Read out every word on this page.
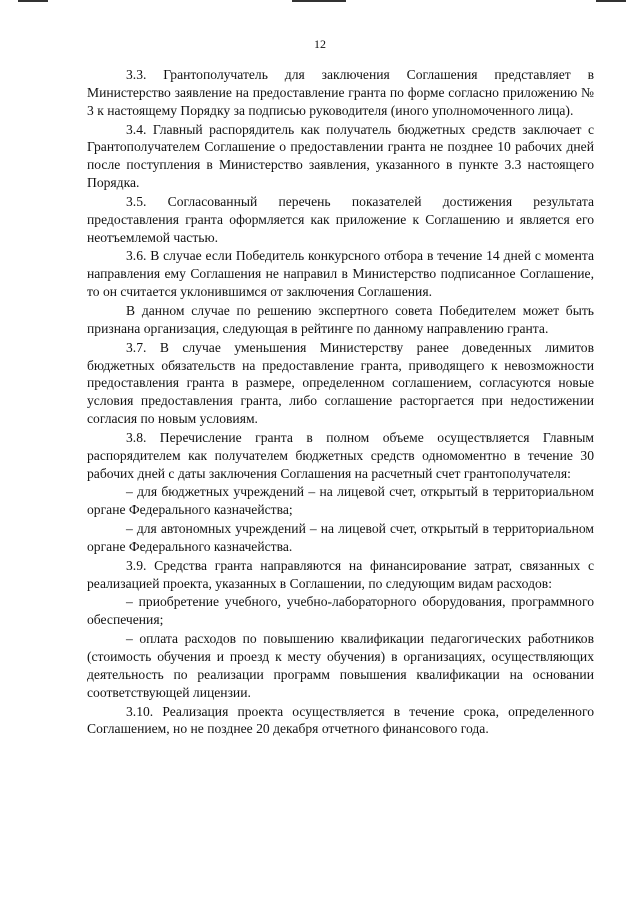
12

3.3. Грантополучатель для заключения Соглашения представляет в Министерство заявление на предоставление гранта по форме согласно приложению № 3 к настоящему Порядку за подписью руководителя (иного уполномоченного лица).

3.4. Главный распорядитель как получатель бюджетных средств заключает с Грантополучателем Соглашение о предоставлении гранта не позднее 10 рабочих дней после поступления в Министерство заявления, указанного в пункте 3.3 настоящего Порядка.

3.5. Согласованный перечень показателей достижения результата предоставления гранта оформляется как приложение к Соглашению и является его неотъемлемой частью.

3.6. В случае если Победитель конкурсного отбора в течение 14 дней с момента направления ему Соглашения не направил в Министерство подписанное Соглашение, то он считается уклонившимся от заключения Соглашения.

В данном случае по решению экспертного совета Победителем может быть признана организация, следующая в рейтинге по данному направлению гранта.

3.7. В случае уменьшения Министерству ранее доведенных лимитов бюджетных обязательств на предоставление гранта, приводящего к невозможности предоставления гранта в размере, определенном соглашением, согласуются новые условия предоставления гранта, либо соглашение расторгается при недостижении согласия по новым условиям.

3.8. Перечисление гранта в полном объеме осуществляется Главным распорядителем как получателем бюджетных средств одномоментно в течение 30 рабочих дней с даты заключения Соглашения на расчетный счет грантополучателя:

– для бюджетных учреждений – на лицевой счет, открытый в территориальном органе Федерального казначейства;

– для автономных учреждений – на лицевой счет, открытый в территориальном органе Федерального казначейства.

3.9. Средства гранта направляются на финансирование затрат, связанных с реализацией проекта, указанных в Соглашении, по следующим видам расходов:

– приобретение учебного, учебно-лабораторного оборудования, программного обеспечения;

– оплата расходов по повышению квалификации педагогических работников (стоимость обучения и проезд к месту обучения) в организациях, осуществляющих деятельность по реализации программ повышения квалификации на основании соответствующей лицензии.

3.10. Реализация проекта осуществляется в течение срока, определенного Соглашением, но не позднее 20 декабря отчетного финансового года.
